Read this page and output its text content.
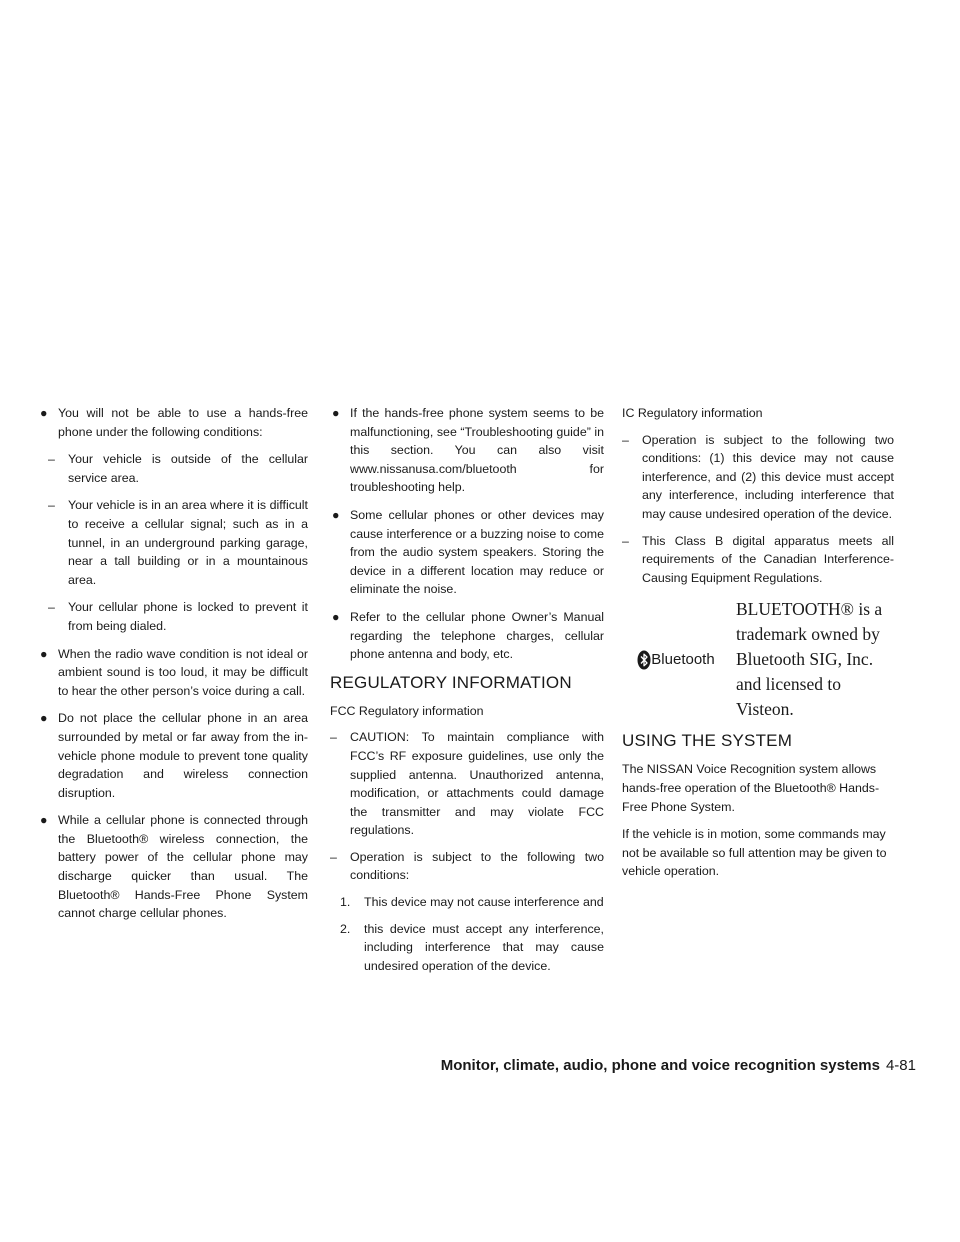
● You will not be able to use a hands-free phone under the following conditions:

– Your vehicle is outside of the cellular service area.

– Your vehicle is in an area where it is difficult to receive a cellular signal; such as in a tunnel, in an underground parking garage, near a tall building or in a mountainous area.

– Your cellular phone is locked to prevent it from being dialed.

● When the radio wave condition is not ideal or ambient sound is too loud, it may be difficult to hear the other person’s voice during a call.

● Do not place the cellular phone in an area surrounded by metal or far away from the in-vehicle phone module to prevent tone quality degradation and wireless connection disruption.

● While a cellular phone is connected through the Bluetooth® wireless connection, the battery power of the cellular phone may discharge quicker than usual. The Bluetooth® Hands-Free Phone System cannot charge cellular phones.

● If the hands-free phone system seems to be malfunctioning, see “Troubleshooting guide” in this section. You can also visit www.nissanusa.com/bluetooth for troubleshooting help.

● Some cellular phones or other devices may cause interference or a buzzing noise to come from the audio system speakers. Storing the device in a different location may reduce or eliminate the noise.

● Refer to the cellular phone Owner’s Manual regarding the telephone charges, cellular phone antenna and body, etc.

REGULATORY INFORMATION

FCC Regulatory information

– CAUTION: To maintain compliance with FCC’s RF exposure guidelines, use only the supplied antenna. Unauthorized antenna, modification, or attachments could damage the transmitter and may violate FCC regulations.

– Operation is subject to the following two conditions:

1. This device may not cause interference and

2. this device must accept any interference, including interference that may cause undesired operation of the device.

IC Regulatory information

– Operation is subject to the following two conditions: (1) this device may not cause interference, and (2) this device must accept any interference, including interference that may cause undesired operation of the device.

– This Class B digital apparatus meets all requirements of the Canadian Interference-Causing Equipment Regulations.

Bluetooth

BLUETOOTH® is a trademark owned by Bluetooth SIG, Inc. and licensed to Visteon.

USING THE SYSTEM

The NISSAN Voice Recognition system allows hands-free operation of the Bluetooth® Hands-Free Phone System.

If the vehicle is in motion, some commands may not be available so full attention may be given to vehicle operation.

Monitor, climate, audio, phone and voice recognition systems 4-81
